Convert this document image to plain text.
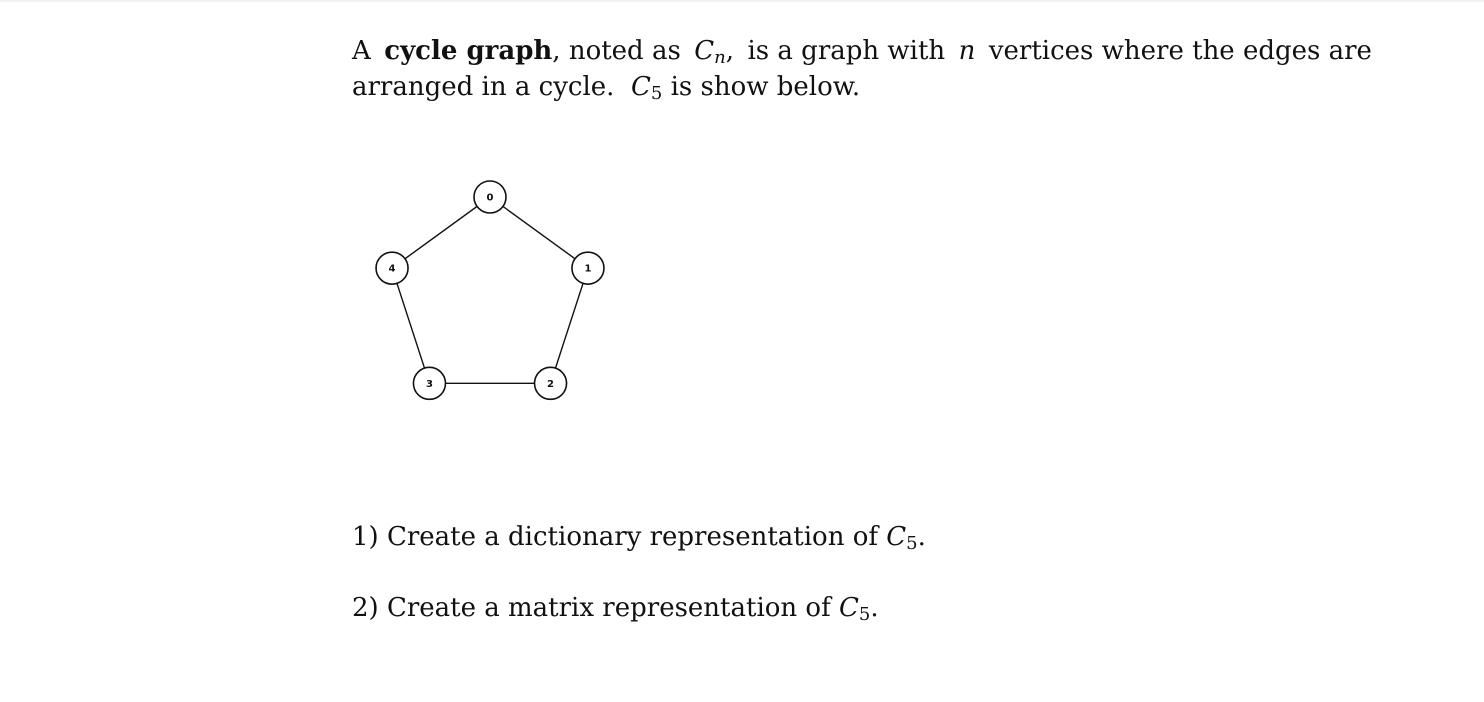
A cycle graph, noted as $C_n$, is a graph with n vertices where the edges are
arranged in a cycle. $C_5$ is show below.
0
1
2
3
4
1) Create a dictionary representation of $C_5$.
2) Create a matrix representation of $C_5$.
